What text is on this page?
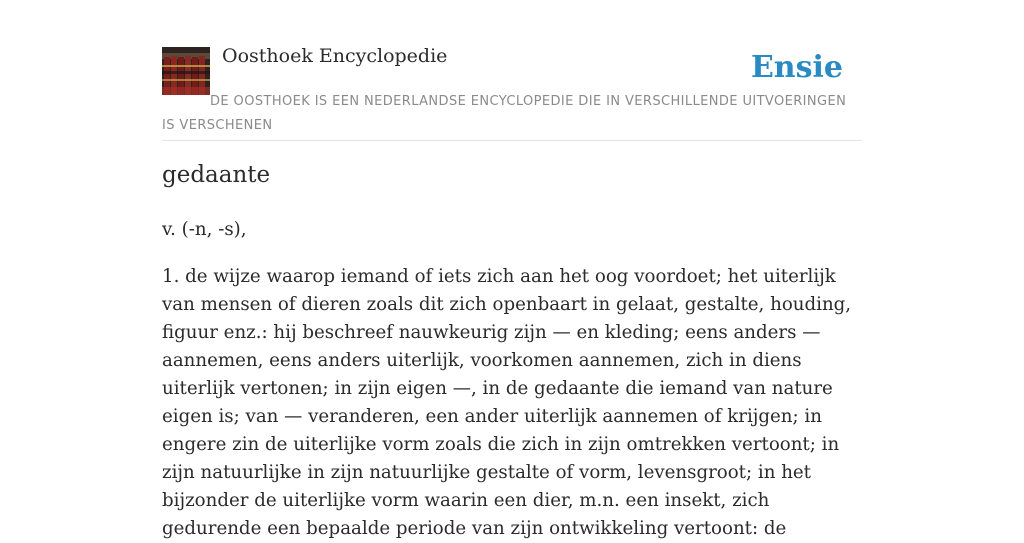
Oosthoek Encyclopedie	Ensie
DE OOSTHOEK IS EEN NEDERLANDSE ENCYCLOPEDIE DIE IN VERSCHILLENDE UITVOERINGEN IS VERSCHENEN
gedaante

v. (-n, -s),

1. de wijze waarop iemand of iets zich aan het oog voordoet; het uiterlijk van mensen of dieren zoals dit zich openbaart in gelaat, gestalte, houding, figuur enz.: hij beschreef nauwkeurig zijn — en kleding; eens anders — aannemen, eens anders uiterlijk, voorkomen aannemen, zich in diens uiterlijk vertonen; in zijn eigen —, in de gedaante die iemand van nature eigen is; van — veranderen, een ander uiterlijk aannemen of krijgen; in engere zin de uiterlijke vorm zoals die zich in zijn omtrekken vertoont; in zijn natuurlijke in zijn natuurlijke gestalte of vorm, levensgroot; in het bijzonder de uiterlijke vorm waarin een dier, m.n. een insekt, zich gedurende een bepaalde periode van zijn ontwikkeling vertoont: de
